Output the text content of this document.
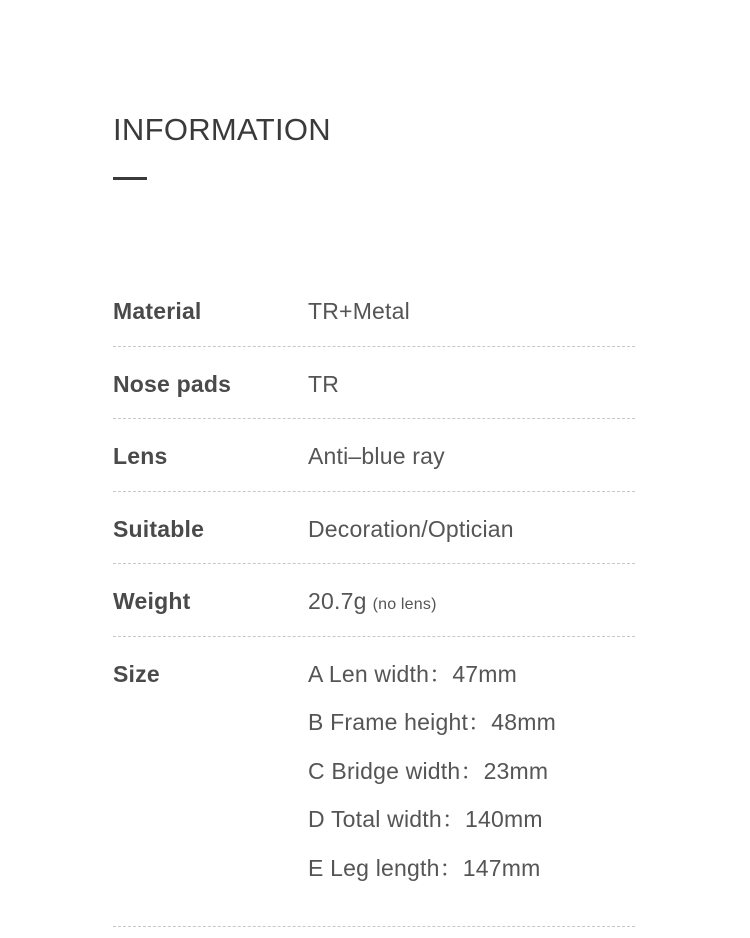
INFORMATION
Material	TR+Metal
Nose pads	TR
Lens	Anti–blue ray
Suitable	Decoration/Optician
Weight	20.7g (no lens)
Size	A Len width：47mm
B Frame height：48mm
C Bridge width：23mm
D Total width：140mm
E Leg length：147mm
